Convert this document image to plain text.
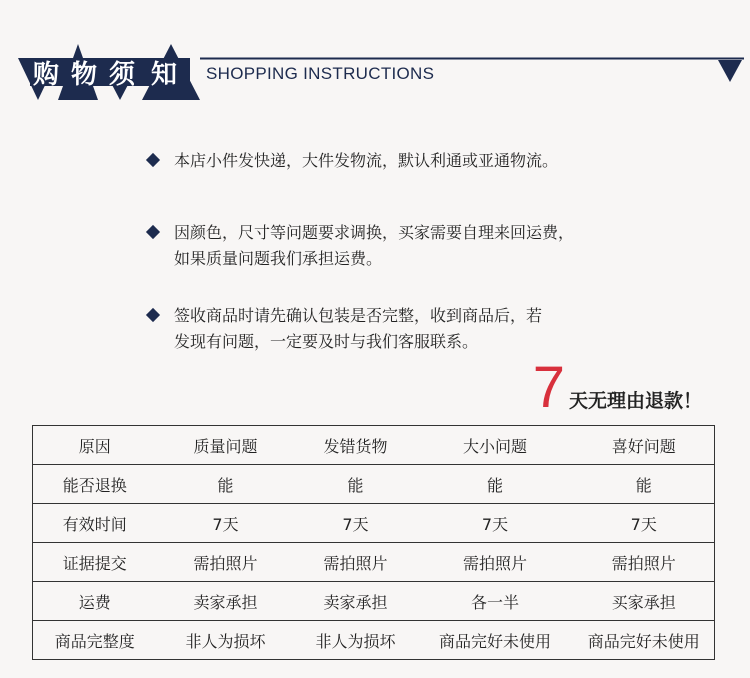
购 物 须 知 SHOPPING INSTRUCTIONS
本店小件发快递，大件发物流，默认利通或亚通物流。
因颜色，尺寸等问题要求调换，买家需要自理来回运费，
如果质量问题我们承担运费。
签收商品时请先确认包装是否完整，收到商品后，若
发现有问题，一定要及时与我们客服联系。
7 天无理由退款！
原因	质量问题	发错货物	大小问题	喜好问题
能否退换	能	能	能	能
有效时间	7天	7天	7天	7天
证据提交	需拍照片	需拍照片	需拍照片	需拍照片
运费	卖家承担	卖家承担	各一半	买家承担
商品完整度	非人为损坏	非人为损坏	商品完好未使用	商品完好未使用
